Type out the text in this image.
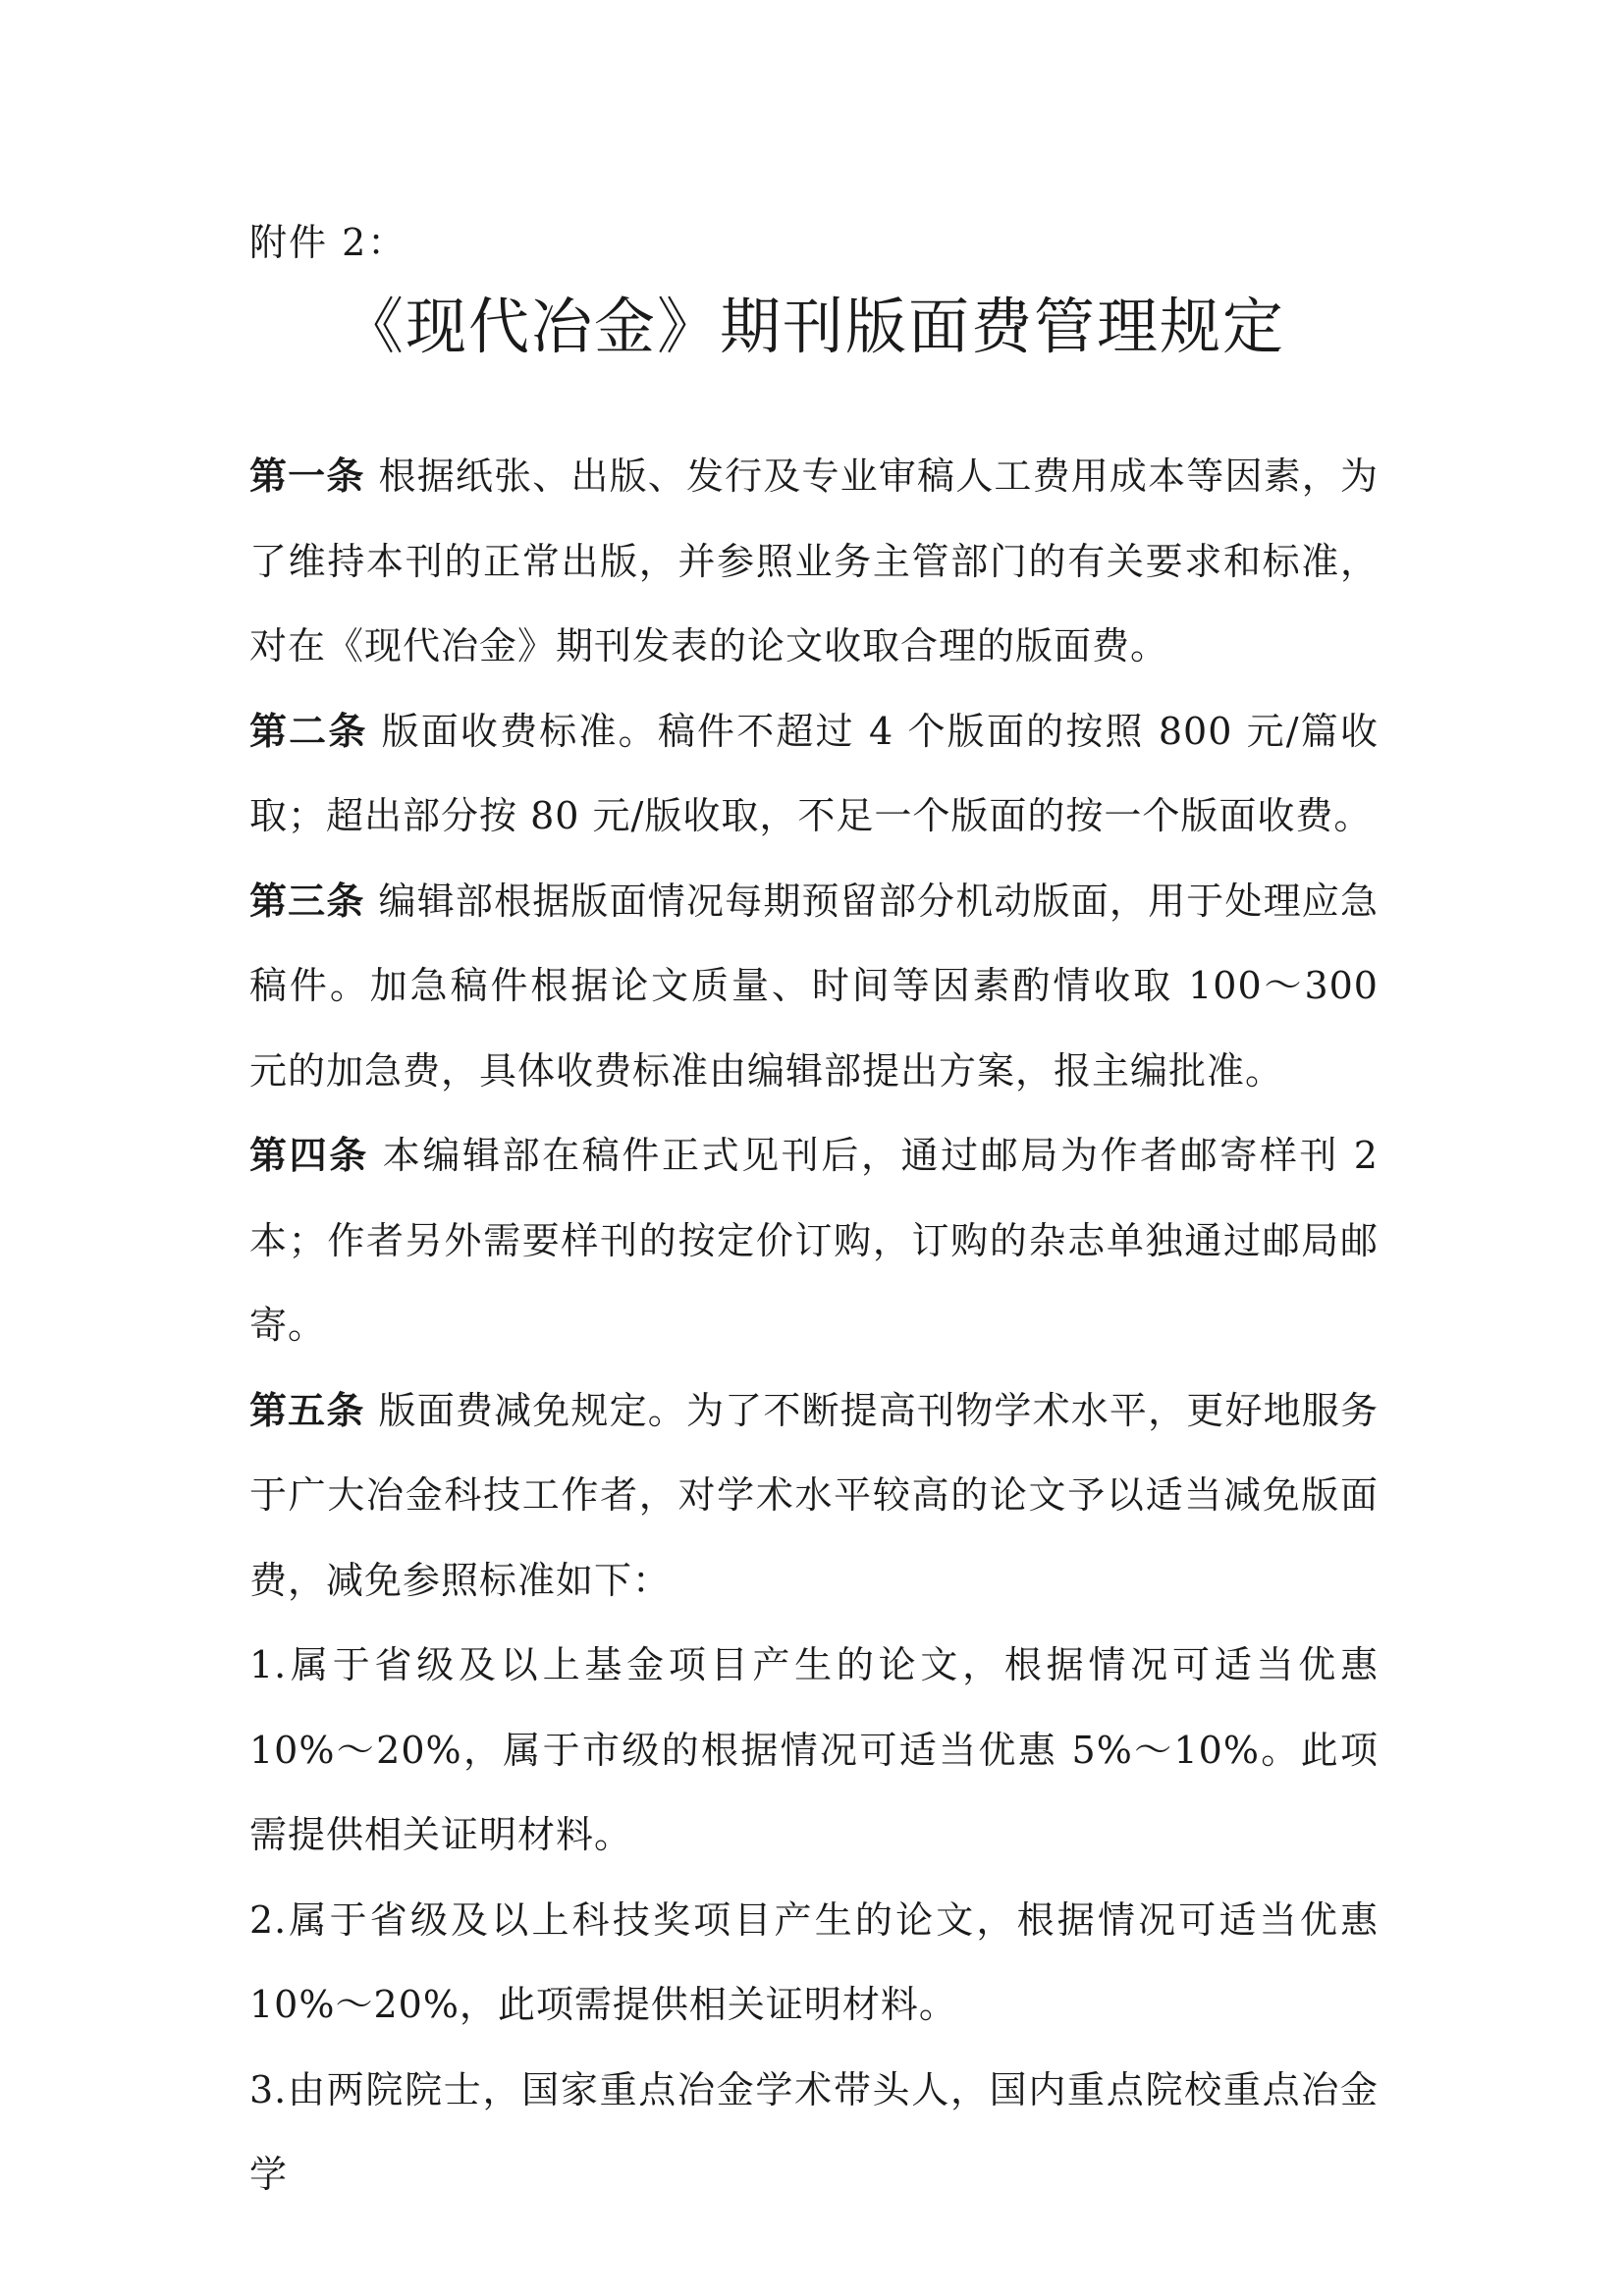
附件 2：
《现代冶金》期刊版面费管理规定

第一条 根据纸张、出版、发行及专业审稿人工费用成本等因素，为了维持本刊的正常出版，并参照业务主管部门的有关要求和标准，对在《现代冶金》期刊发表的论文收取合理的版面费。

第二条 版面收费标准。稿件不超过 4 个版面的按照 800 元/篇收取；超出部分按 80 元/版收取，不足一个版面的按一个版面收费。

第三条 编辑部根据版面情况每期预留部分机动版面，用于处理应急稿件。加急稿件根据论文质量、时间等因素酌情收取 100～300 元的加急费，具体收费标准由编辑部提出方案，报主编批准。

第四条 本编辑部在稿件正式见刊后，通过邮局为作者邮寄样刊 2 本；作者另外需要样刊的按定价订购，订购的杂志单独通过邮局邮寄。

第五条 版面费减免规定。为了不断提高刊物学术水平，更好地服务于广大冶金科技工作者，对学术水平较高的论文予以适当减免版面费，减免参照标准如下：

1.属于省级及以上基金项目产生的论文，根据情况可适当优惠 10%～20%，属于市级的根据情况可适当优惠 5%～10%。此项需提供相关证明材料。

2.属于省级及以上科技奖项目产生的论文，根据情况可适当优惠 10%～20%，此项需提供相关证明材料。

3.由两院院士，国家重点冶金学术带头人，国内重点院校重点冶金学
